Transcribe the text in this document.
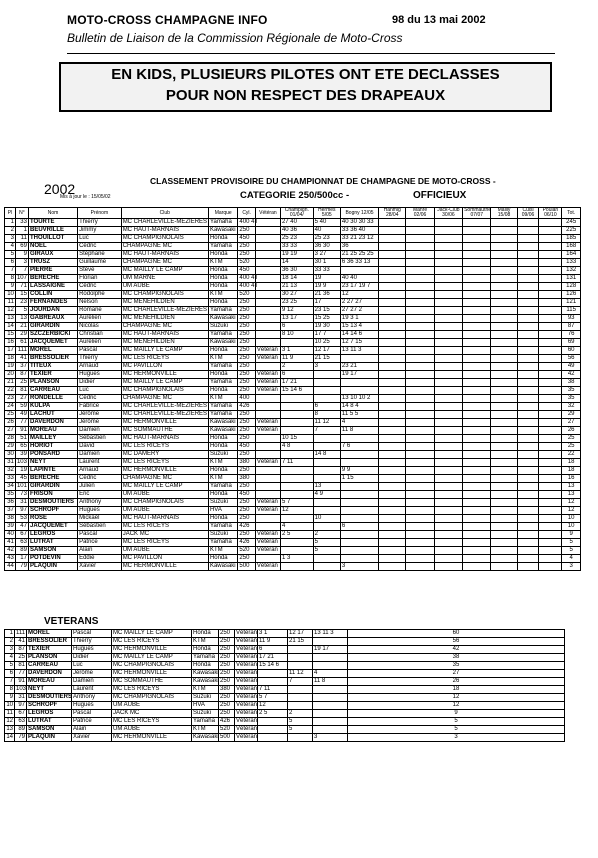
MOTO-CROSS CHAMPAGNE INFO	98 du 13 mai 2002
Bulletin de Liaison de la Commission Régionale de Moto-Cross
EN KIDS, PLUSIEURS PILOTES ONT ETE DECLASSES
POUR NON RESPECT DES DRAPEAUX
CLASSEMENT PROVISOIRE DU CHAMPIONNAT DE CHAMPAGNE DE MOTO-CROSS -
2002
Mis à jour le : 15/05/02	CATEGORIE 250/500cc -	OFFICIEUX
Pl	N°	Nom	Prénom	Club	Marque	Cyl.	Vétéran	Champign. 01/04/	Hermes 5/05	Bogny 12/05	Hanmig 28/04	Manre 02/06	Jack-Club 30/06	Sommauthe 07/07	Mailly 15/08	Cuisi 09/06	Poulan 06/10	Tot.
1	33	TOURTE	Thierry	MC CHARLEVILLE-MEZIERES	Yamaha	400 4T		27 40	5 40	40 30 30 33								245
2	1	BEUVRILLE	Jimmy	MC HAUT-MARNAIS	Kawasaki	250		40 36	40	33 36 40								225
3	11	THOUILLOT	Luc	MC CHAMPIGNOLAIS	Honda	450		25 23	25 23	33 21 23 12								185
4	69	NOEL	Cédric	CHAMPAGNE MC	Yamaha	250		33 33	36 30	36								168
5	9	GIRAUX	Stéphane	MC HAUT-MARNAIS	Honda	250		19 19	3 27	21 25 25 25								164
6	3	TRUSZ	Guillaume	CHAMPAGNE MC	KTM	520		14	30 1	6 36 33 13								133
7	7	PIERRE	Stève	MC MAILLY LE CAMP	Honda	450		36 30	33 33									132
8	107	BERECHE	Florian	UM MARNE	Honda	400 4T		18 14	19	40 40								131
9	71	LASSAIGNE	Cédric	UM AUBE	Honda	400 4T		21 13	19 9	23 17 19 7								128
10	15	COLLIN	Rodolphe	MC CHAMPIGNOLAIS	KTM	520		30 27	21 36	12								126
11	23	FERNANDES	Nelson	MC MENEHILDIEN	Honda	250		23 25	17	2 27 27								121
12	5	JOURDAN	Romane	MC CHARLEVILLE-MEZIERES	Yamaha	250		9 12	23 15	27 27 2								115
13	13	GABREAUX	Aurélien	MC MENEHILDIEN	Kawasaki	250		13 17	15 25	19 3 1								93
14	21	GIRARDIN	Nicolas	CHAMPAGNE MC	Suzuki	250		6	19 30	15 13 4								87
15	29	SZCZERBICKI	Christian	MC HAUT-MARNAIS	Yamaha	250		8 10	17 7	14 14 6								76
16	61	JACQUEMET	Aurélien	MC MENEHILDIEN	Kawasaki	250			10 25	12 7 15								69
17	111	MOREL	Pascal	MC MAILLY LE CAMP	Honda	250	Vétéran	3 1	12 17	13 11 3								60
18	41	BRESSOLIER	Thierry	MC LES RICEYS	KTM	250	Vétéran	11 9	21 15									56
19	37	TITEUX	Arnaud	MC PAVILLON	Yamaha	250		2	3	23 21								49
20	87	TEXIER	Hugues	MC HERMONVILLE	Honda	250	Vétéran	6		19 17								42
21	25	PLANSON	Didier	MC MAILLY LE CAMP	Yamaha	250	Vétéran	17 21										38
22	81	CARREAU	Luc	MC CHAMPIGNOLAIS	Honda	250	Vétéran	15 14 6										35
23	27	RONDELLE	Cédric	CHAMPAGNE MC	KTM	400				13 10 10 2								35
24	59	KULPA	Fabrice	MC CHARLEVILLE-MEZIERES	Yamaha	426			6	14 8 4								32
25	49	LACHUT	Jérôme	MC CHARLEVILLE-MEZIERES	Yamaha	250			8	11 5 5								29
26	77	DAVERDON	Jérôme	MC HERMONVILLE	Kawasaki	250	Vétéran		11 12	4								27
27	91	MOREAU	Damien	MC SOMMAUTHE	Kawasaki	250	Vétéran		7	11 8								26
28	51	MAILLEY	Sébastien	MC HAUT-MARNAIS	Honda	250		10 15										25
29	65	HORIOT	David	MC LES RICEYS	Honda	450		4 8		7 6								25
30	39	PONSARD	Damien	MC DAMERY	Suzuki	250			14 8									22
31	103	NEYT	Laurent	MC LES RICEYS	KTM	380	Vétéran	7 11										18
32	19	LAPINTE	Arnaud	MC HERMONVILLE	Honda	250				9 9								18
33	45	BERECHE	Cédric	CHAMPAGNE MC	KTM	380				1 15								16
34	101	GIRARDIN	Julien	MC MAILLY LE CAMP	Yamaha	250			13									13
35	73	FRISON	Eric	UM AUBE	Honda	450			4 9									13
36	31	DESMOUTIERS	Anthony	MC CHAMPIGNOLAIS	Suzuki	250	Vétéran	5 7										12
37	97	SCHROPF	Hugues	UM AUBE	HVA	250	Vétéran	12										12
38	53	ROSE	Mickaël	MC HAUT-MARNAIS	Honda	250			10									10
39	47	JACQUEMET	Sébastien	MC LES RICEYS	Yamaha	426		4		6								10
40	67	LEGROS	Pascal	JACK MC	Suzuki	250	Vétéran	2 5	2									9
41	63	LUTRAT	Patrice	MC LES RICEYS	Yamaha	426	Vétéran		5									5
42	89	SAMSON	Alain	UM AUBE	KTM	520	Vétéran		5									5
43	17	POTDEVIN	Eddie	MC PAVILLON	Honda	250		1 3										4
44	79	PLAQUIN	Xavier	MC HERMONVILLE	Kawasaki	500	Vétéran			3								3
VETERANS
1	111	MOREL	Pascal	MC MAILLY LE CAMP	Honda	250	Vétéran	3 1	12 17	13 11 3	60
2	41	BRESSOLIER	Thierry	MC LES RICEYS	KTM	250	Vétéran	11 9	21 15		56
3	87	TEXIER	Hugues	MC HERMONVILLE	Honda	250	Vétéran	6		19 17	42
4	25	PLANSON	Didier	MC MAILLY LE CAMP	Yamaha	250	Vétéran	17 21			38
5	81	CARREAU	Luc	MC CHAMPIGNOLAIS	Honda	250	Vétéran	15 14 6			35
6	77	DAVERDON	Jérôme	MC HERMONVILLE	Kawasaki	250	Vétéran		11 12	4	27
7	91	MOREAU	Damien	MC SOMMAUTHE	Kawasaki	250	Vétéran		7	11 8	26
8	103	NEYT	Laurent	MC LES RICEYS	KTM	380	Vétéran	7 11			18
9	31	DESMOUTIERS	Anthony	MC CHAMPIGNOLAIS	Suzuki	250	Vétéran	5 7			12
10	97	SCHROPF	Hugues	UM AUBE	HVA	250	Vétéran	12			12
11	67	LEGROS	Pascal	JACK MC	Suzuki	250	Vétéran	2 5	2		9
12	63	LUTRAT	Patrice	MC LES RICEYS	Yamaha	426	Vétéran		5		5
13	89	SAMSON	Alain	UM AUBE	KTM	520	Vétéran		5		5
14	79	PLAQUIN	Xavier	MC HERMONVILLE	Kawasaki	500	Vétéran			3	3
